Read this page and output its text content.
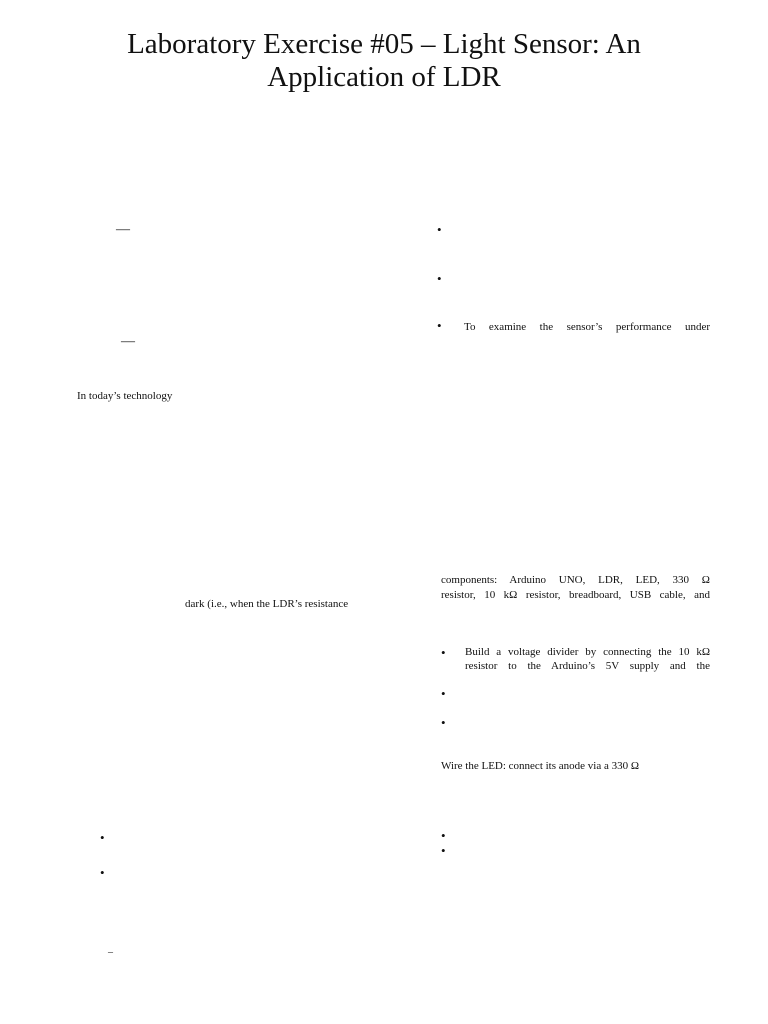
Laboratory Exercise #05 – Light Sensor: An
Application of LDR
—
—
In today’s technology
dark (i.e., when the LDR’s resistance
•
•
–
•
•
• To examine the sensor’s performance under
components: Arduino UNO, LDR, LED, 330 Ω
resistor, 10 kΩ resistor, breadboard, USB cable, and
• Build a voltage divider by connecting the 10 kΩ
resistor to the Arduino’s 5V supply and the
•
•
Wire the LED: connect its anode via a 330 Ω
•
•
